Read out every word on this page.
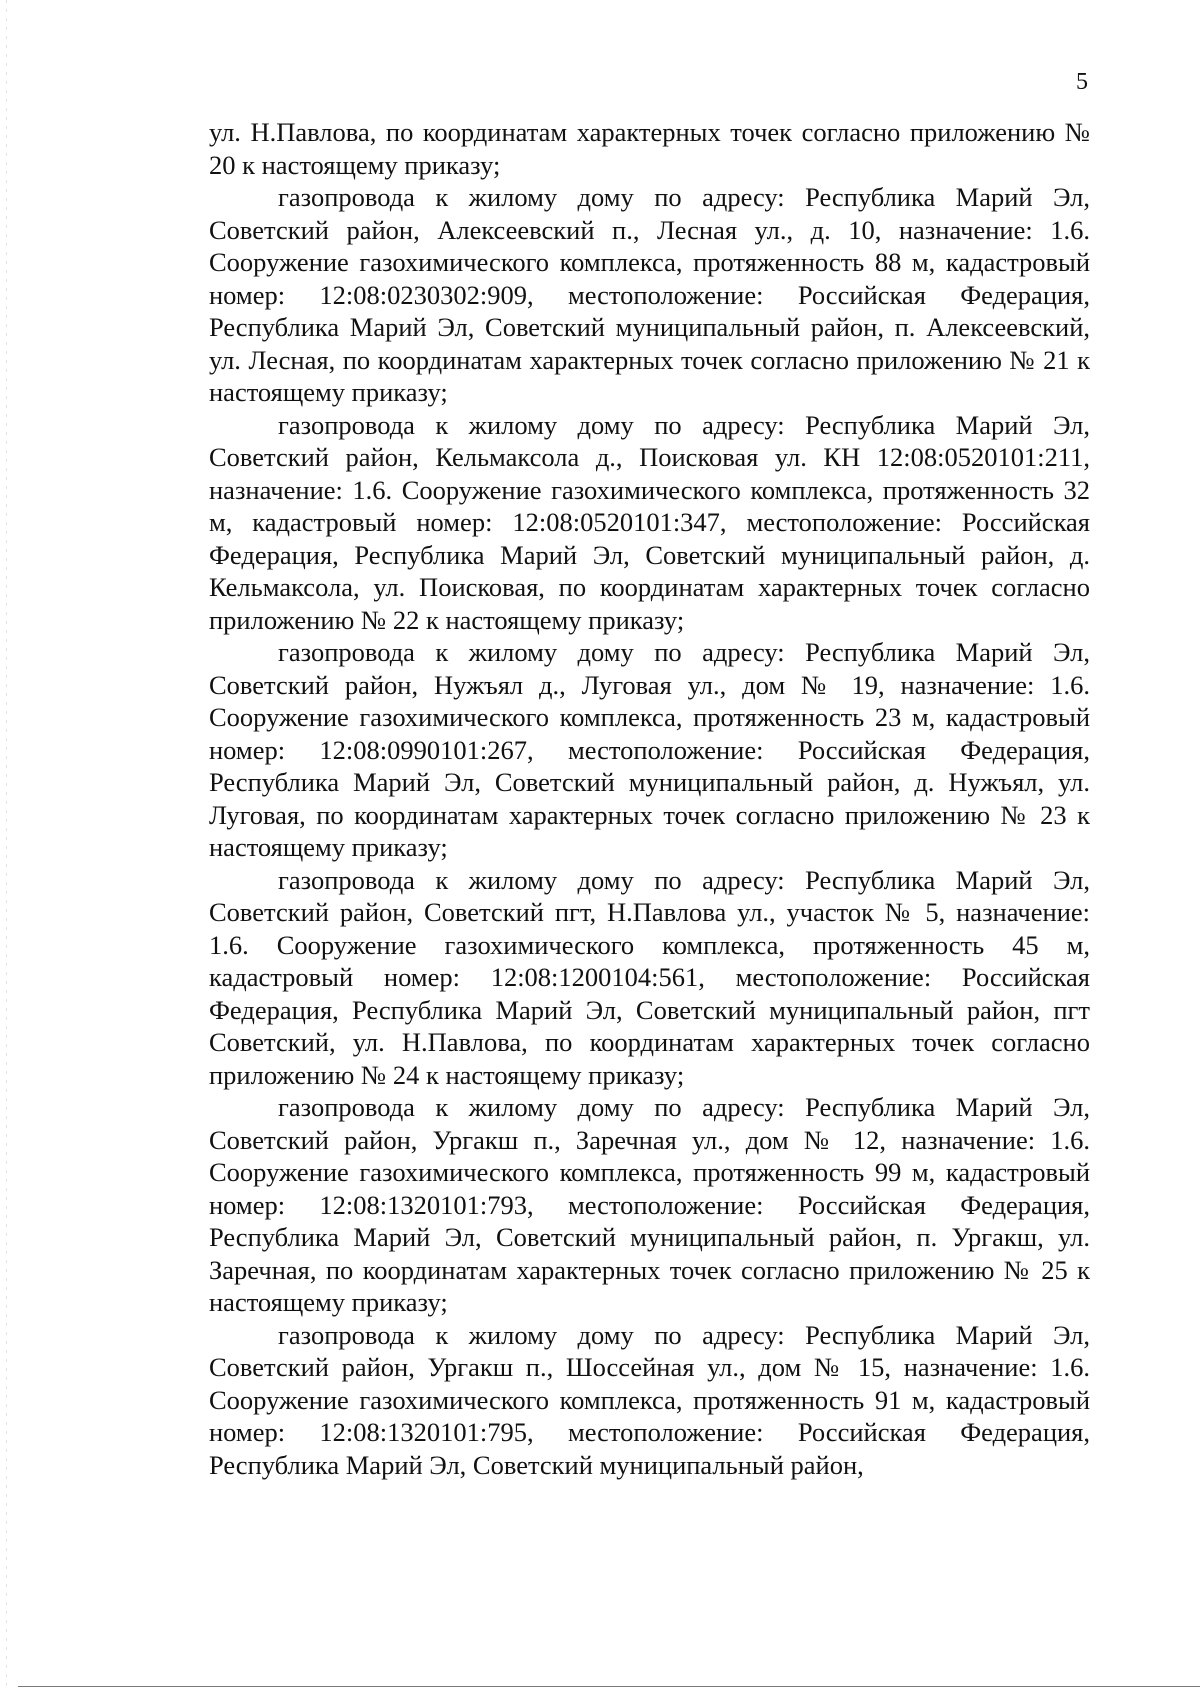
5

ул. Н.Павлова, по координатам характерных точек согласно приложению № 20 к настоящему приказу;

газопровода к жилому дому по адресу: Республика Марий Эл, Советский район, Алексеевский п., Лесная ул., д. 10, назначение: 1.6. Сооружение газохимического комплекса, протяженность 88 м, кадастровый номер: 12:08:0230302:909, местоположение: Российская Федерация, Республика Марий Эл, Советский муниципальный район, п. Алексеевский, ул. Лесная, по координатам характерных точек согласно приложению № 21 к настоящему приказу;

газопровода к жилому дому по адресу: Республика Марий Эл, Советский район, Кельмаксола д., Поисковая ул. КН 12:08:0520101:211, назначение: 1.6. Сооружение газохимического комплекса, протяженность 32 м, кадастровый номер: 12:08:0520101:347, местоположение: Российская Федерация, Республика Марий Эл, Советский муниципальный район, д. Кельмаксола, ул. Поисковая, по координатам характерных точек согласно приложению № 22 к настоящему приказу;

газопровода к жилому дому по адресу: Республика Марий Эл, Советский район, Нужъял д., Луговая ул., дом № 19, назначение: 1.6. Сооружение газохимического комплекса, протяженность 23 м, кадастровый номер: 12:08:0990101:267, местоположение: Российская Федерация, Республика Марий Эл, Советский муниципальный район, д. Нужъял, ул. Луговая, по координатам характерных точек согласно приложению № 23 к настоящему приказу;

газопровода к жилому дому по адресу: Республика Марий Эл, Советский район, Советский пгт, Н.Павлова ул., участок № 5, назначение: 1.6. Сооружение газохимического комплекса, протяженность 45 м, кадастровый номер: 12:08:1200104:561, местоположение: Российская Федерация, Республика Марий Эл, Советский муниципальный район, пгт Советский, ул. Н.Павлова, по координатам характерных точек согласно приложению № 24 к настоящему приказу;

газопровода к жилому дому по адресу: Республика Марий Эл, Советский район, Ургакш п., Заречная ул., дом № 12, назначение: 1.6. Сооружение газохимического комплекса, протяженность 99 м, кадастровый номер: 12:08:1320101:793, местоположение: Российская Федерация, Республика Марий Эл, Советский муниципальный район, п. Ургакш, ул. Заречная, по координатам характерных точек согласно приложению № 25 к настоящему приказу;

газопровода к жилому дому по адресу: Республика Марий Эл, Советский район, Ургакш п., Шоссейная ул., дом № 15, назначение: 1.6. Сооружение газохимического комплекса, протяженность 91 м, кадастровый номер: 12:08:1320101:795, местоположение: Российская Федерация, Республика Марий Эл, Советский муниципальный район,
